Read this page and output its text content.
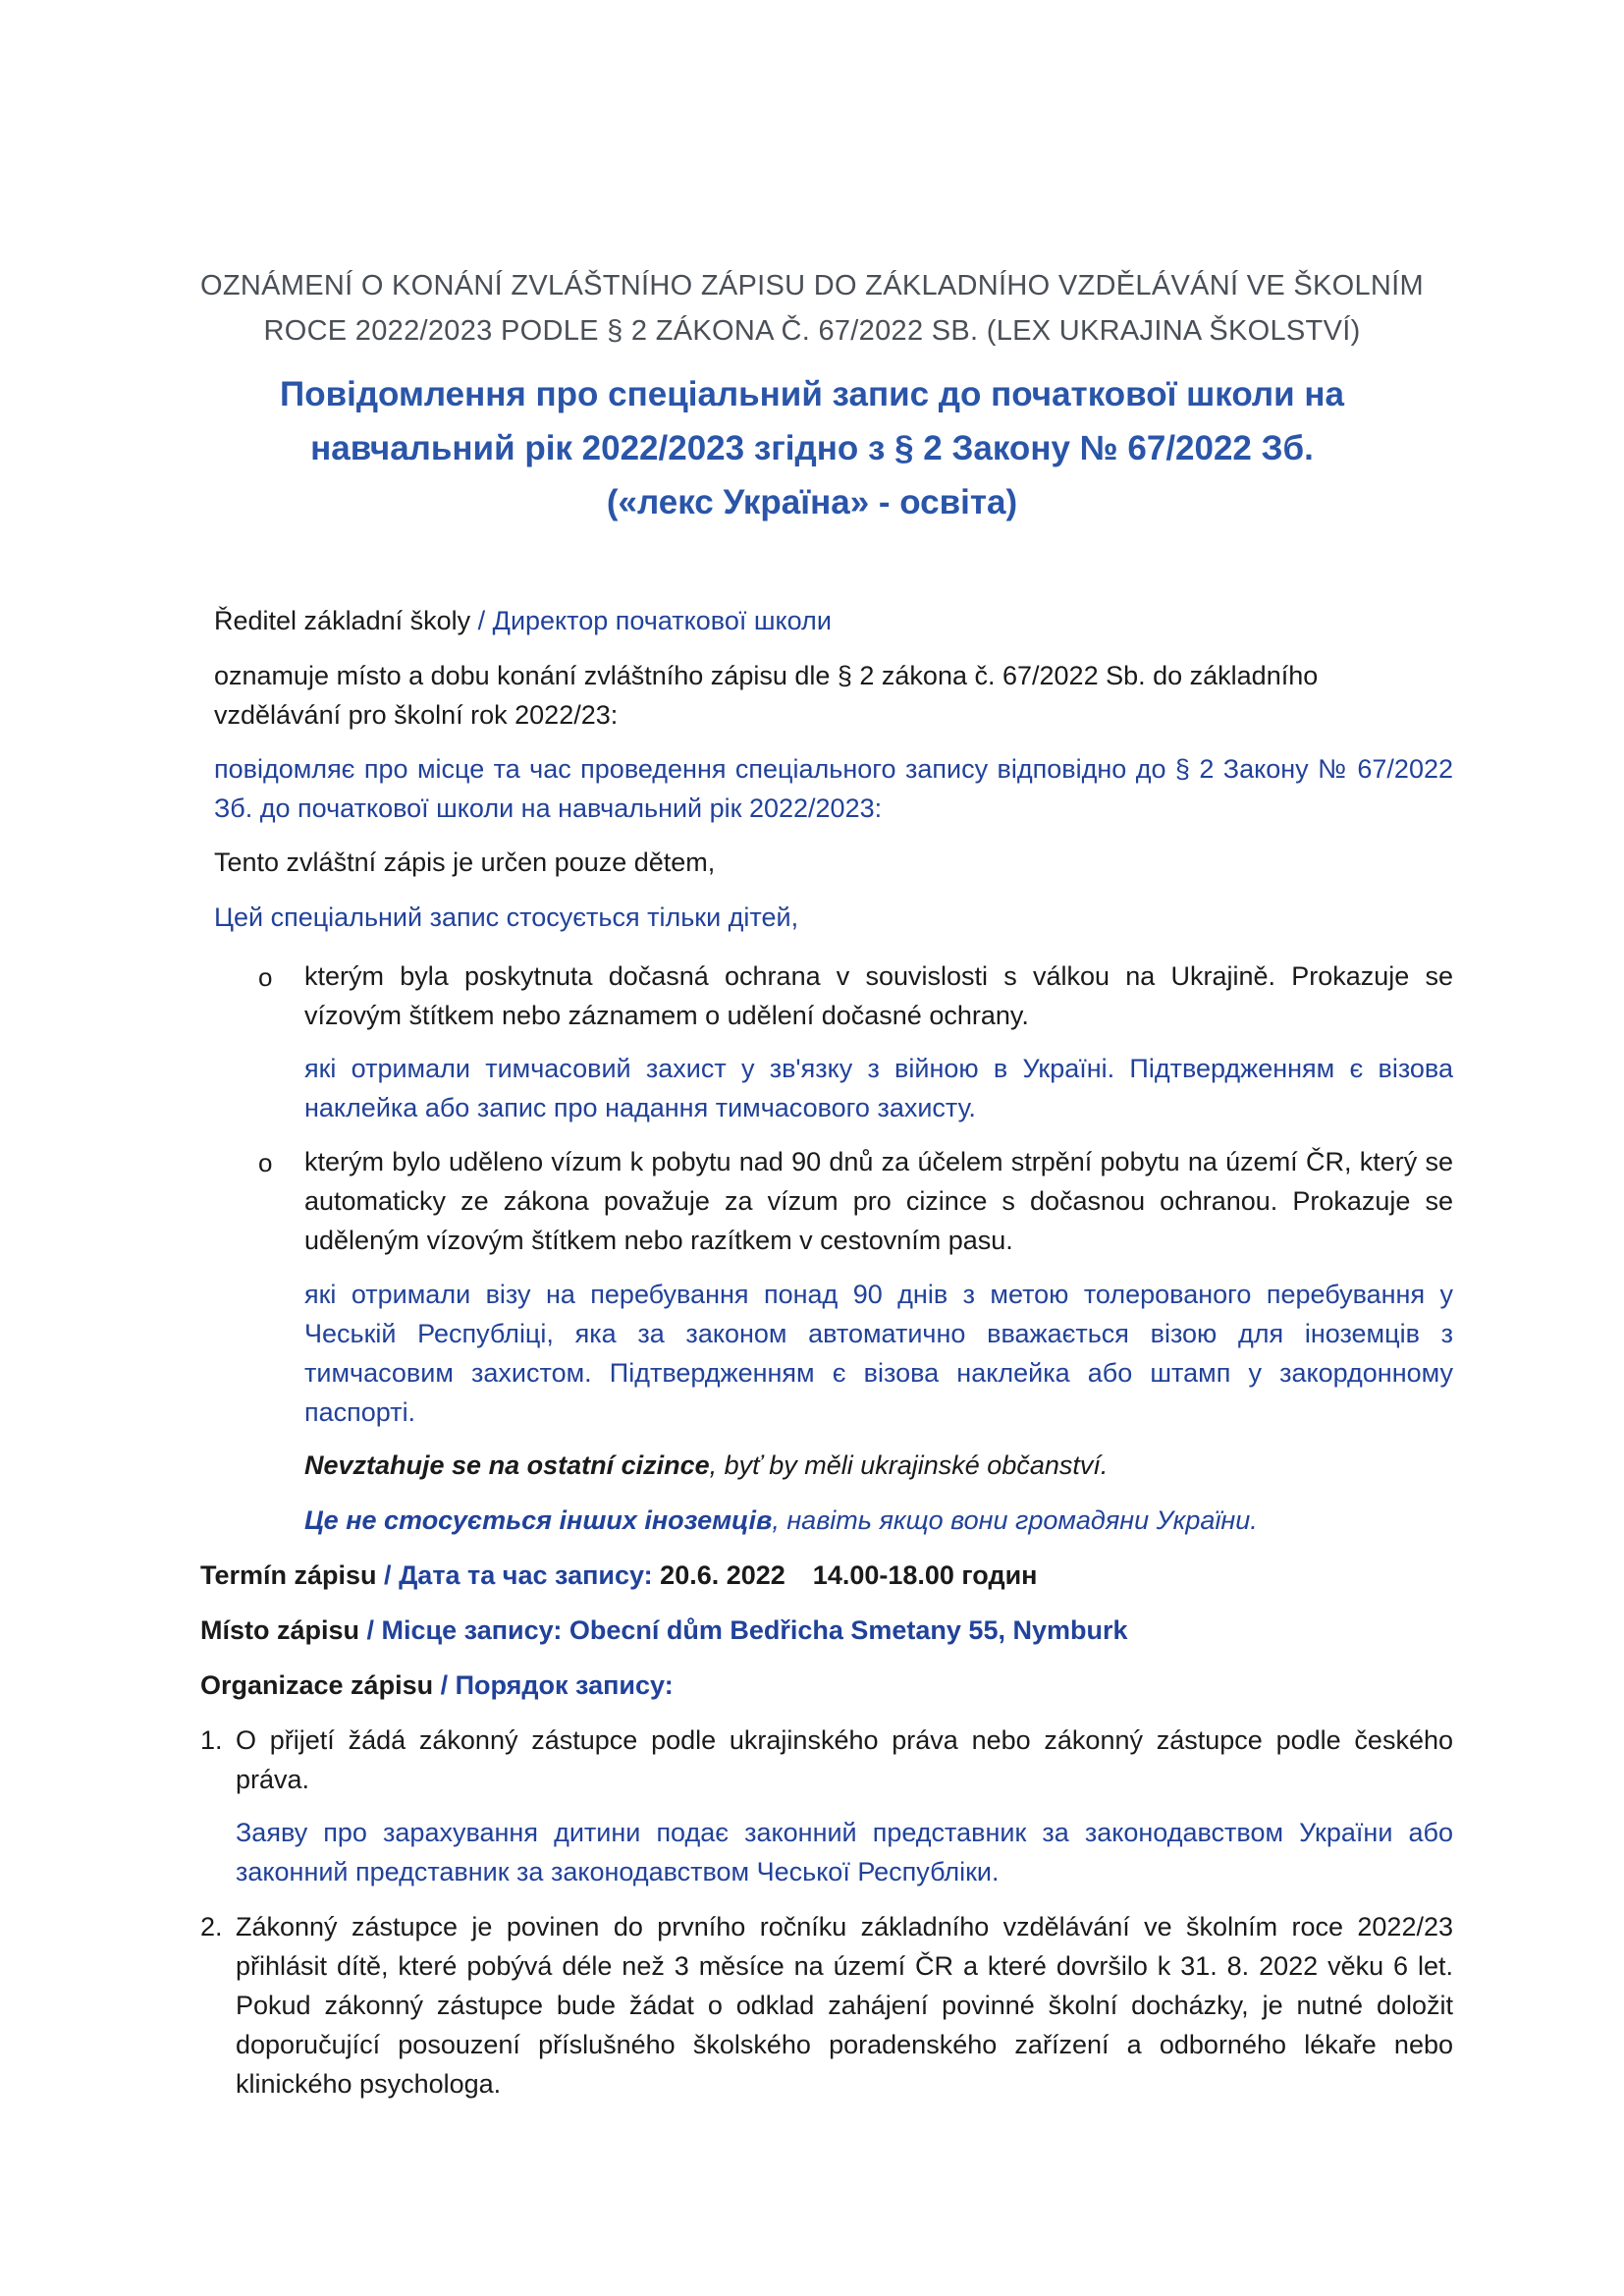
OZNÁMENÍ O KONÁNÍ ZVLÁŠTNÍHO ZÁPISU DO ZÁKLADNÍHO VZDĚLÁVÁNÍ VE ŠKOLNÍM
ROCE 2022/2023 PODLE § 2 ZÁKONA Č. 67/2022 SB. (LEX UKRAJINA ŠKOLSTVÍ)
Повідомлення про спеціальний запис до початкової школи на
навчальний рік 2022/2023 згідно з § 2 Закону № 67/2022 Зб.
(«лекс Україна» - освіта)

Ředitel základní školy / Директор початкової школи

oznamuje místo a dobu konání zvláštního zápisu dle § 2 zákona č. 67/2022 Sb. do základního vzdělávání pro školní rok 2022/23:

повідомляє про місце та час проведення спеціального запису відповідно до § 2 Закону № 67/2022 Зб. до початкової школи на навчальний рік 2022/2023:

Tento zvláštní zápis je určen pouze dětem,

Цей спеціальний запис стосується тільки дітей,

o kterým byla poskytnuta dočasná ochrana v souvislosti s válkou na Ukrajině. Prokazuje se vízovým štítkem nebo záznamem o udělení dočasné ochrany.

які отримали тимчасовий захист у зв'язку з війною в Україні. Підтвердженням є візова наклейка або запис про надання тимчасового захисту.

o kterým bylo uděleno vízum k pobytu nad 90 dnů za účelem strpění pobytu na území ČR, který se automaticky ze zákona považuje za vízum pro cizince s dočasnou ochranou. Prokazuje se uděleným vízovým štítkem nebo razítkem v cestovním pasu.

які отримали візу на перебування понад 90 днів з метою толерованого перебування у Чеській Республіці, яка за законом автоматично вважається візою для іноземців з тимчасовим захистом. Підтвердженням є візова наклейка або штамп у закордонному паспорті.

Nevztahuje se na ostatní cizince, byť by měli ukrajinské občanství.

Це не стосується інших іноземців, навіть якщо вони громадяни України.

Termín zápisu / Дата та час запису: 20.6. 2022 14.00-18.00 годин

Místo zápisu / Місце запису: Obecní dům Bedřicha Smetany 55, Nymburk

Organizace zápisu / Порядок запису:

1. O přijetí žádá zákonný zástupce podle ukrajinského práva nebo zákonný zástupce podle českého práva.

Заяву про зарахування дитини подає законний представник за законодавством України або законний представник за законодавством Чеської Республіки.

2. Zákonný zástupce je povinen do prvního ročníku základního vzdělávání ve školním roce 2022/23 přihlásit dítě, které pobývá déle než 3 měsíce na území ČR a které dovršilo k 31. 8. 2022 věku 6 let. Pokud zákonný zástupce bude žádat o odklad zahájení povinné školní docházky, je nutné doložit doporučující posouzení příslušného školského poradenského zařízení a odborného lékaře nebo klinického psychologa.
